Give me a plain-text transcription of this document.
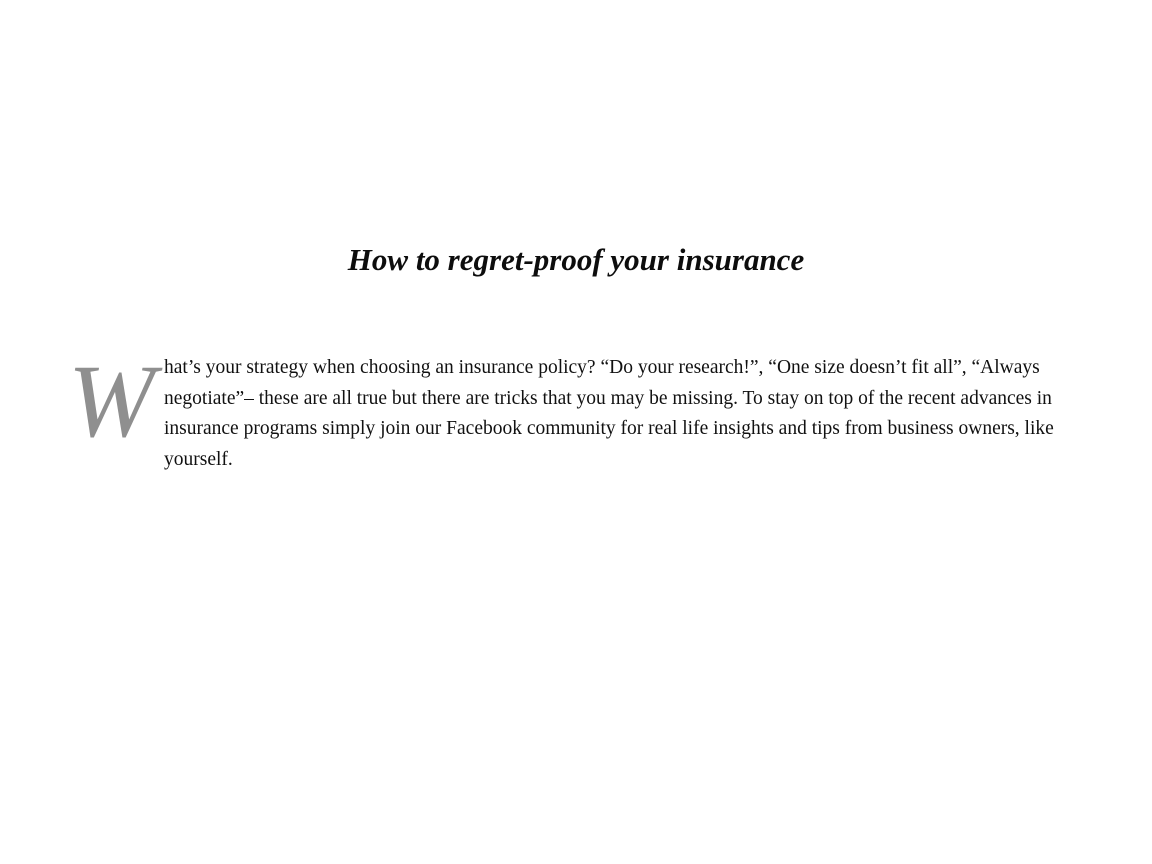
How to regret-proof your insurance

What’s your strategy when choosing an insurance policy? “Do your research!”, “One size doesn’t fit all”, “Always negotiate”– these are all true but there are tricks that you may be missing. To stay on top of the recent advances in insurance programs simply join our Facebook community for real life insights and tips from business owners, like yourself.
